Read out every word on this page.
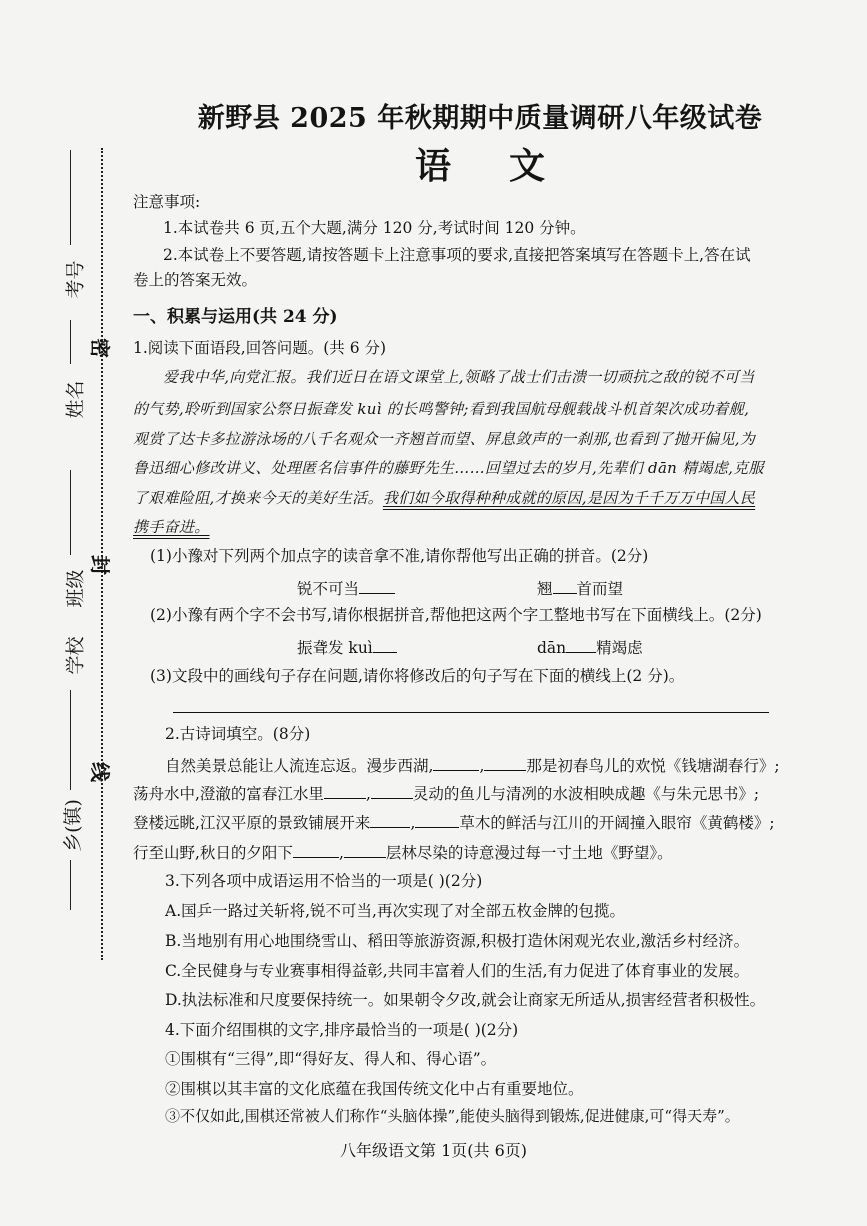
密
封
线
考号
姓名
班级
学校
乡(镇)
新野县 2025 年秋期期中质量调研八年级试卷
语文
注意事项:
1.本试卷共 6 页,五个大题,满分 120 分,考试时间 120 分钟。
2.本试卷上不要答题,请按答题卡上注意事项的要求,直接把答案填写在答题卡上,答在试
卷上的答案无效。
一、积累与运用(共 24 分)
1.阅读下面语段,回答问题。(共 6 分)
爱我中华,向党汇报。我们近日在语文课堂上,领略了战士们击溃一切顽抗之敌的锐不可当
的气势,聆听到国家公祭日振聋发 kuì 的长鸣警钟;看到我国航母舰载战斗机首架次成功着舰,
观赏了达卡多拉游泳场的八千名观众一齐翘首而望、屏息敛声的一刹那,也看到了抛开偏见,为
鲁迅细心修改讲义、处理匿名信事件的藤野先生……回望过去的岁月,先辈们 dān 精竭虑,克服
了艰难险阻,才换来今天的美好生活。我们如今取得种种成就的原因,是因为千千万万中国人民
携手奋进。
(1)小豫对下列两个加点字的读音拿不准,请你帮他写出正确的拼音。(2分)
锐不可当	翘 首而望
(2)小豫有两个字不会书写,请你根据拼音,帮他把这两个字工整地书写在下面横线上。(2分)
振聋发 kuì	dān 精竭虑
(3)文段中的画线句子存在问题,请你将修改后的句子写在下面的横线上(2 分)。
2.古诗词填空。(8分)
自然美景总能让人流连忘返。漫步西湖,	,	那是初春鸟儿的欢悦《钱塘湖春行》;
荡舟水中,澄澈的富春江水里	,	灵动的鱼儿与清冽的水波相映成趣《与朱元思书》;
登楼远眺,江汉平原的景致铺展开来	,	草木的鲜活与江川的开阔撞入眼帘《黄鹤楼》;
行至山野,秋日的夕阳下	,	层林尽染的诗意漫过每一寸土地《野望》。
3.下列各项中成语运用不恰当的一项是( )(2分)
A.国乒一路过关斩将,锐不可当,再次实现了对全部五枚金牌的包揽。
B.当地别有用心地围绕雪山、稻田等旅游资源,积极打造休闲观光农业,激活乡村经济。
C.全民健身与专业赛事相得益彰,共同丰富着人们的生活,有力促进了体育事业的发展。
D.执法标准和尺度要保持统一。如果朝令夕改,就会让商家无所适从,损害经营者积极性。
4.下面介绍围棋的文字,排序最恰当的一项是( )(2分)
①围棋有“三得”,即“得好友、得人和、得心语”。
②围棋以其丰富的文化底蕴在我国传统文化中占有重要地位。
③不仅如此,围棋还常被人们称作“头脑体操”,能使头脑得到锻炼,促进健康,可“得天寿”。
八年级语文第 1页(共 6页)
